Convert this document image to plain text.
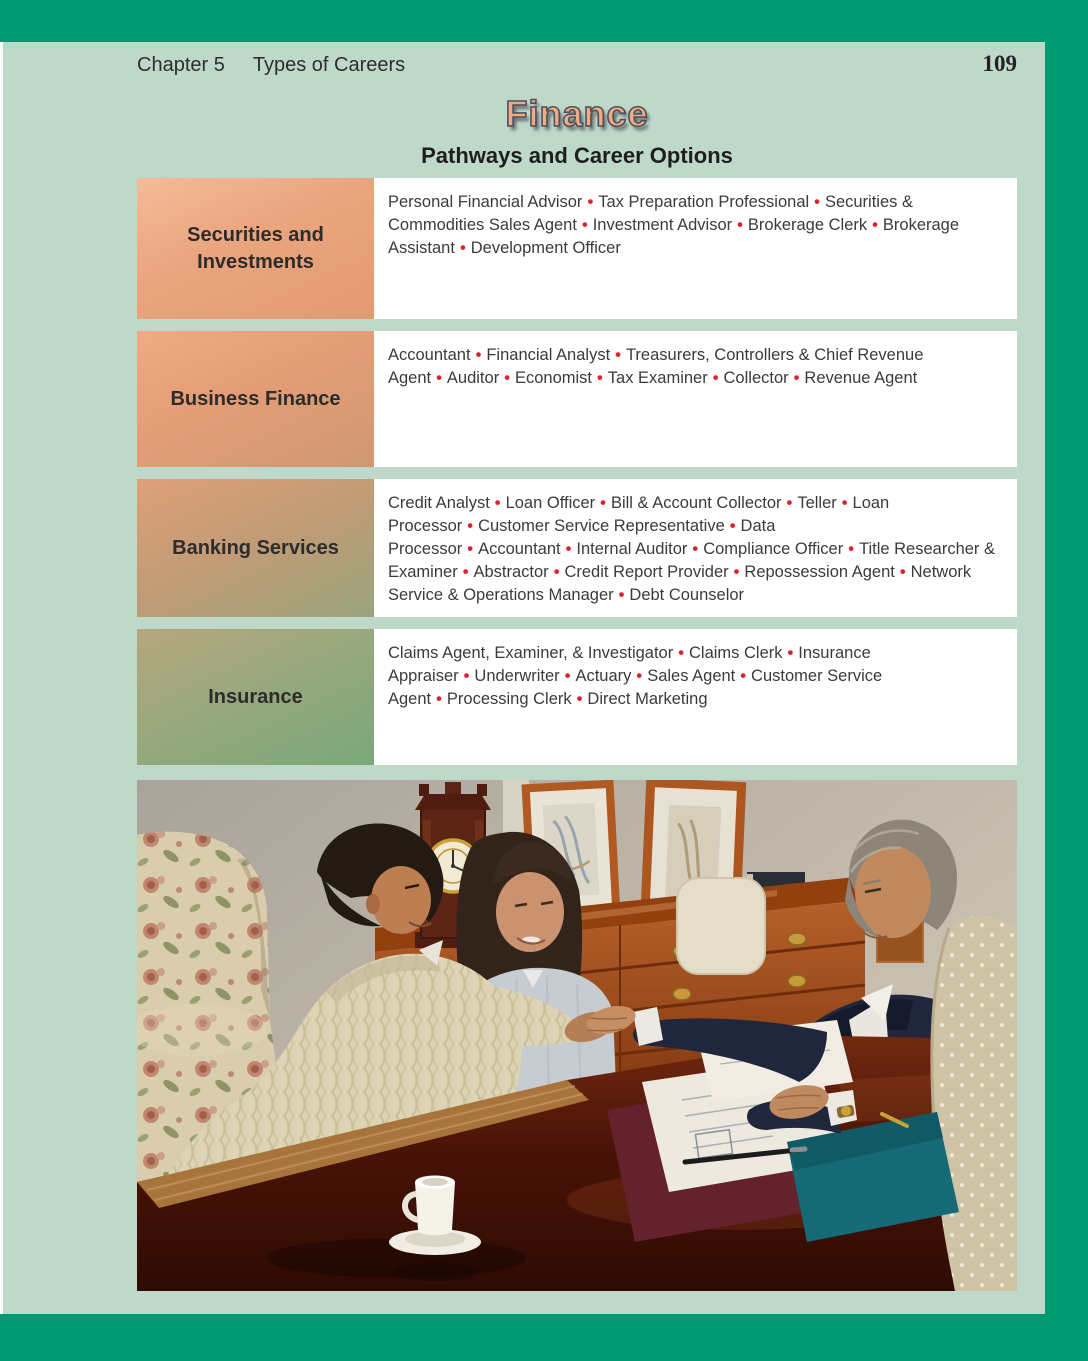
Chapter 5 Types of Careers	109
Finance
Pathways and Career Options
Securities and Investments

Personal Financial Advisor • Tax Preparation Professional • Securities & Commodities Sales Agent • Investment Advisor • Brokerage Clerk • Brokerage Assistant • Development Officer

Business Finance

Accountant • Financial Analyst • Treasurers, Controllers & Chief Revenue Agent • Auditor • Economist • Tax Examiner • Collector • Revenue Agent

Banking Services

Credit Analyst • Loan Officer • Bill & Account Collector • Teller • Loan Processor • Customer Service Representative • Data Processor • Accountant • Internal Auditor • Compliance Officer • Title Researcher & Examiner • Abstractor • Credit Report Provider • Repossession Agent • Network Service & Operations Manager • Debt Counselor

Insurance

Claims Agent, Examiner, & Investigator • Claims Clerk • Insurance Appraiser • Underwriter • Actuary • Sales Agent • Customer Service Agent • Processing Clerk • Direct Marketing
